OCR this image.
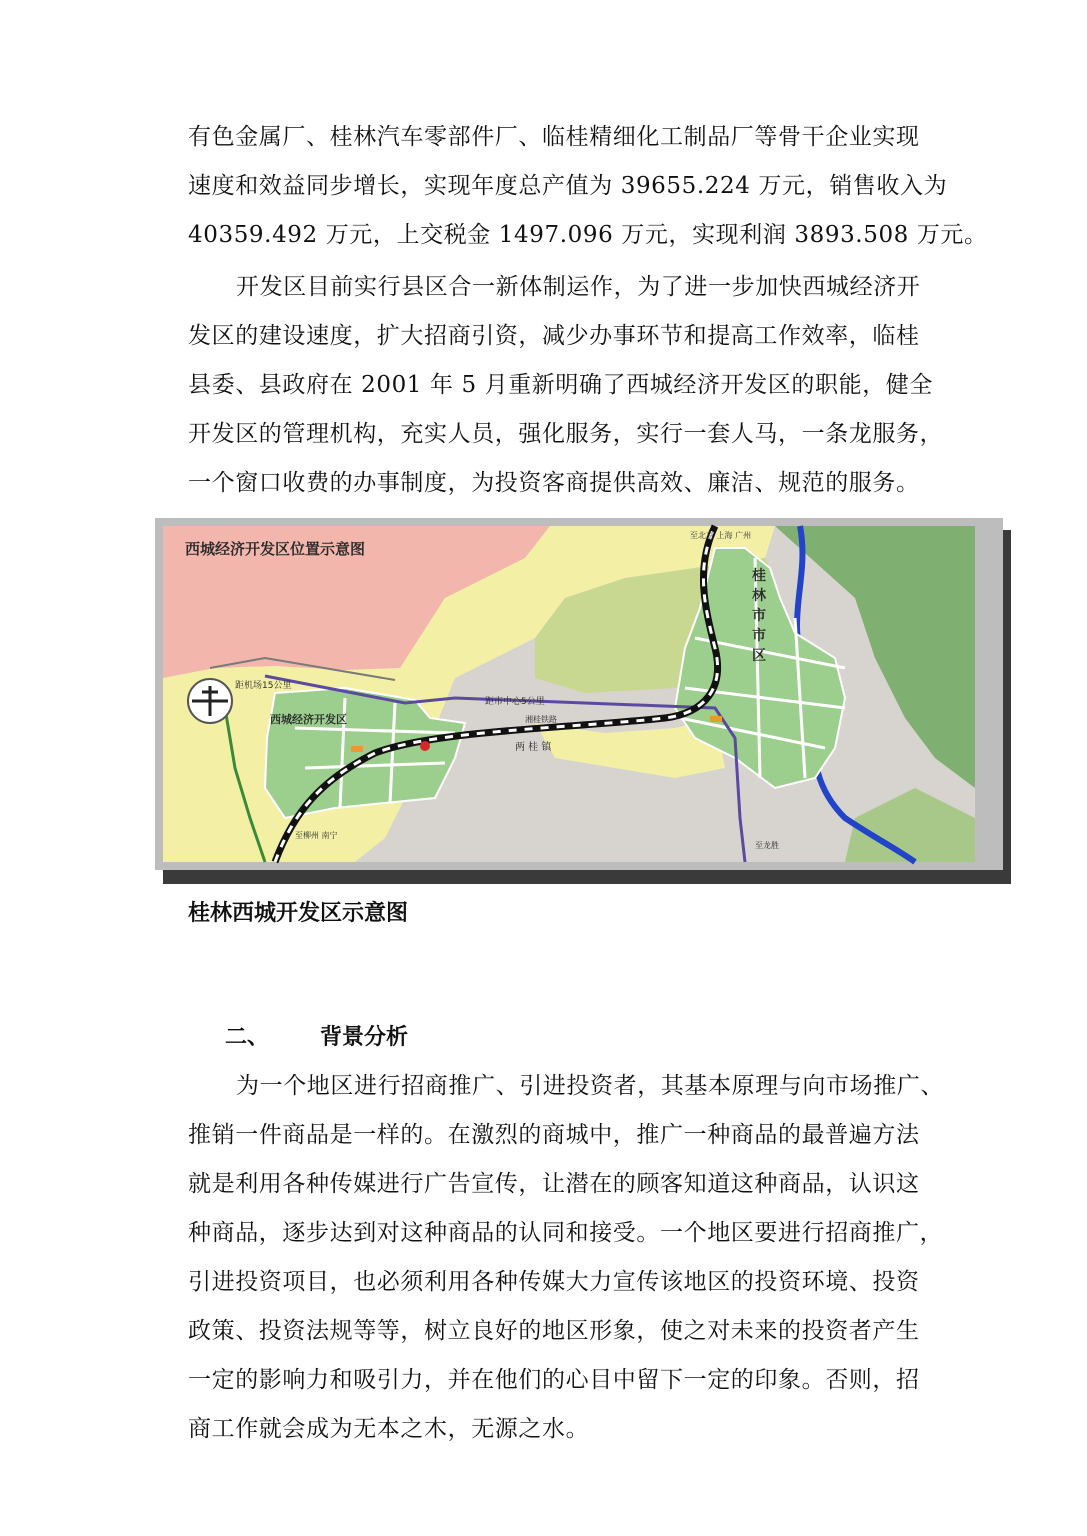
有色金属厂、桂林汽车零部件厂、临桂精细化工制品厂等骨干企业实现
速度和效益同步增长，实现年度总产值为 39655.224 万元，销售收入为
40359.492 万元，上交税金 1497.096 万元，实现利润 3893.508 万元。
开发区目前实行县区合一新体制运作，为了进一步加快西城经济开
发区的建设速度，扩大招商引资，减少办事环节和提高工作效率，临桂
县委、县政府在 2001 年 5 月重新明确了西城经济开发区的职能，健全
开发区的管理机构，充实人员，强化服务，实行一套人马，一条龙服务，
一个窗口收费的办事制度，为投资客商提供高效、廉洁、规范的服务。
西城经济开发区位置示意图
至北京 上海 广州
桂
林
市
市
区
西城经济开发区
距机场15公里
距市中心5公里
两 桂 镇
湘桂铁路
至柳州 南宁
至龙胜
桂林西城开发区示意图
二、 背景分析
为一个地区进行招商推广、引进投资者，其基本原理与向市场推广、
推销一件商品是一样的。在激烈的商城中，推广一种商品的最普遍方法
就是利用各种传媒进行广告宣传，让潜在的顾客知道这种商品，认识这
种商品，逐步达到对这种商品的认同和接受。一个地区要进行招商推广，
引进投资项目，也必须利用各种传媒大力宣传该地区的投资环境、投资
政策、投资法规等等，树立良好的地区形象，使之对未来的投资者产生
一定的影响力和吸引力，并在他们的心目中留下一定的印象。否则，招
商工作就会成为无本之木，无源之水。
